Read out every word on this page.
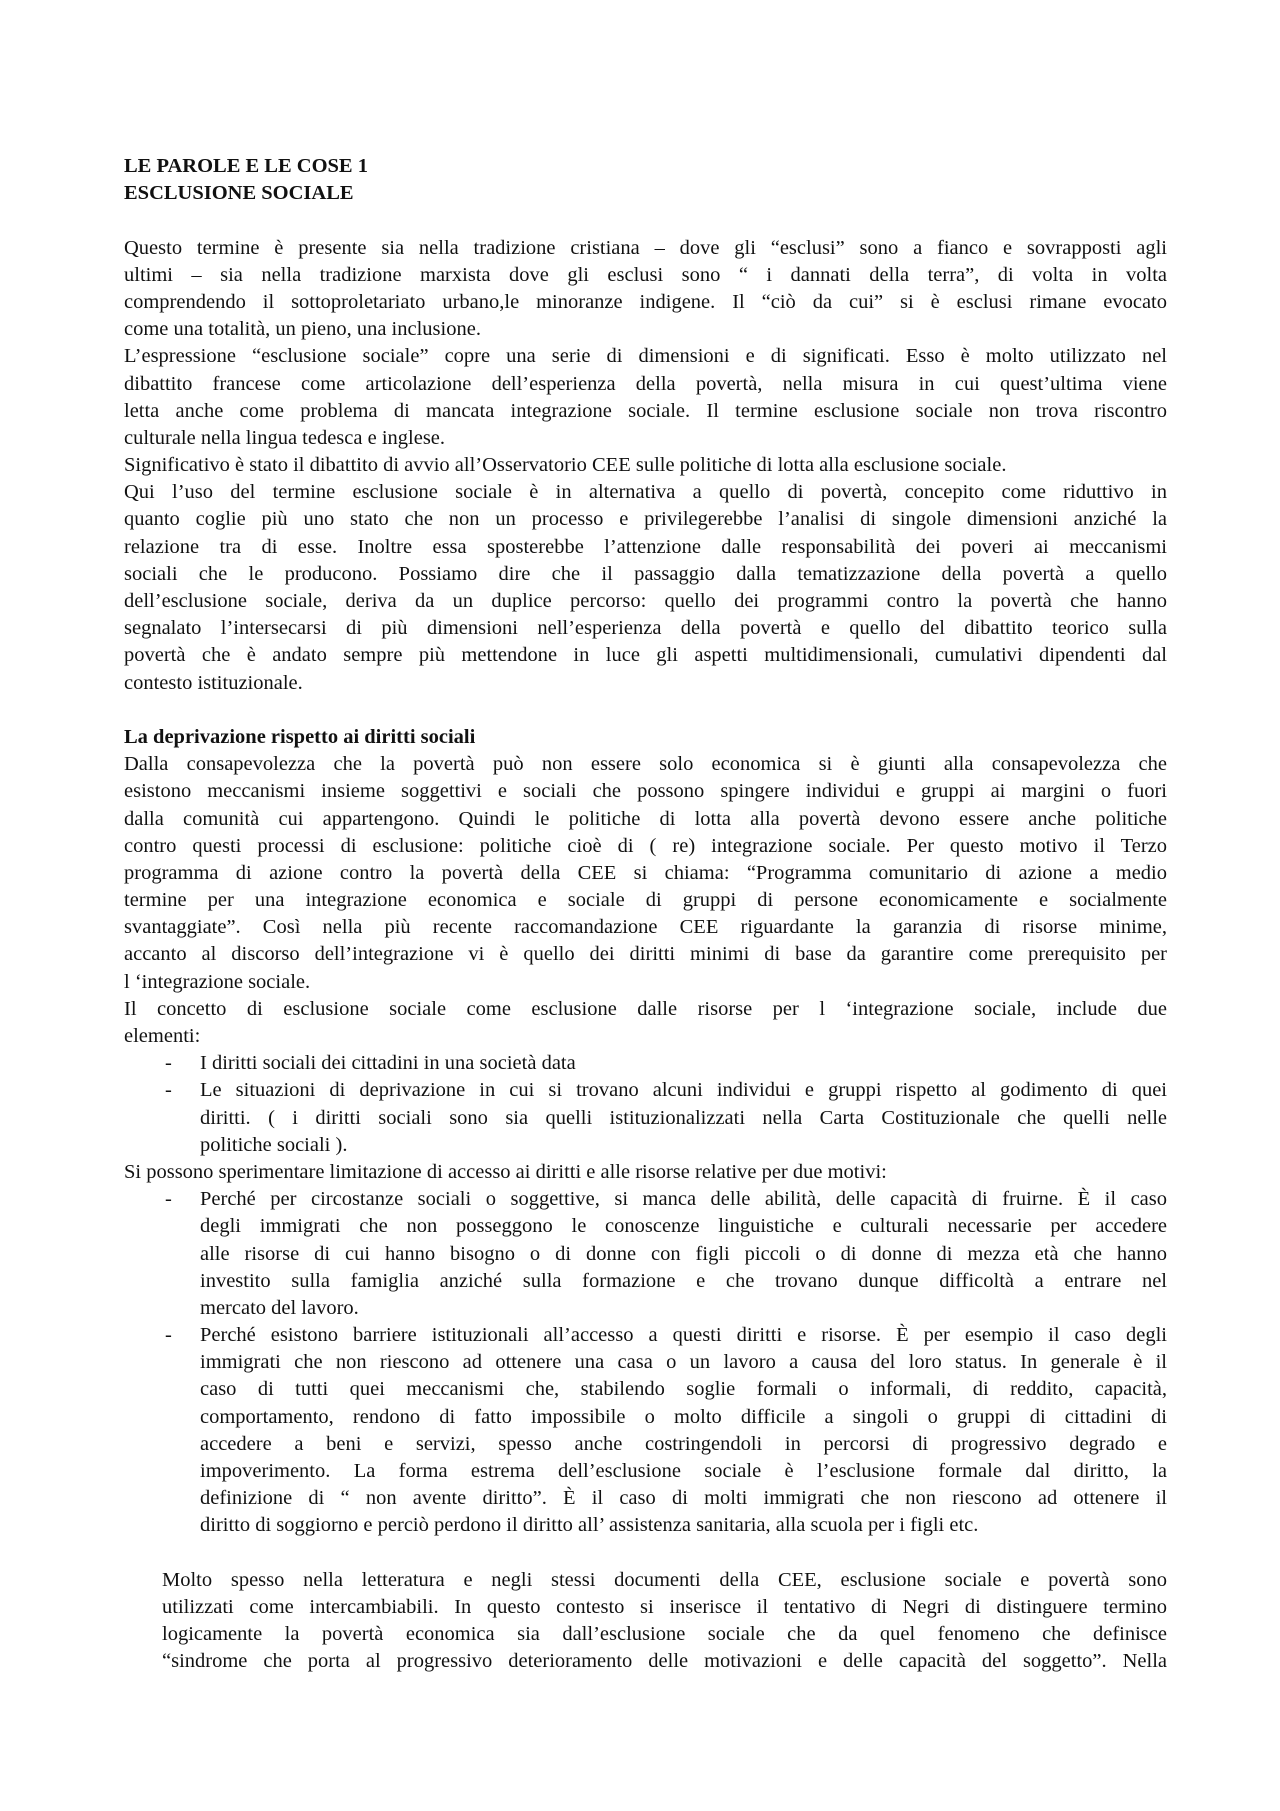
LE PAROLE E LE COSE 1
ESCLUSIONE SOCIALE
Questo termine è presente sia nella tradizione cristiana – dove gli “esclusi” sono a fianco e sovrapposti agli
ultimi – sia nella tradizione marxista dove gli esclusi sono “ i dannati della terra”, di volta in volta
comprendendo il sottoproletariato urbano,le minoranze indigene. Il “ciò da cui” si è esclusi rimane evocato
come una totalità, un pieno, una inclusione.
L’espressione “esclusione sociale” copre una serie di dimensioni e di significati. Esso è molto utilizzato nel
dibattito francese come articolazione dell’esperienza della povertà, nella misura in cui quest’ultima viene
letta anche come problema di mancata integrazione sociale. Il termine esclusione sociale non trova riscontro
culturale nella lingua tedesca e inglese.
Significativo è stato il dibattito di avvio all’Osservatorio CEE sulle politiche di lotta alla esclusione sociale.
Qui l’uso del termine esclusione sociale è in alternativa a quello di povertà, concepito come riduttivo in
quanto coglie più uno stato che non un processo e privilegerebbe l’analisi di singole dimensioni anziché la
relazione tra di esse. Inoltre essa sposterebbe l’attenzione dalle responsabilità dei poveri ai meccanismi
sociali che le producono. Possiamo dire che il passaggio dalla tematizzazione della povertà a quello
dell’esclusione sociale, deriva da un duplice percorso: quello dei programmi contro la povertà che hanno
segnalato l’intersecarsi di più dimensioni nell’esperienza della povertà e quello del dibattito teorico sulla
povertà che è andato sempre più mettendone in luce gli aspetti multidimensionali, cumulativi dipendenti dal
contesto istituzionale.
La deprivazione rispetto ai diritti sociali
Dalla consapevolezza che la povertà può non essere solo economica si è giunti alla consapevolezza che
esistono meccanismi insieme soggettivi e sociali che possono spingere individui e gruppi ai margini o fuori
dalla comunità cui appartengono. Quindi le politiche di lotta alla povertà devono essere anche politiche
contro questi processi di esclusione: politiche cioè di ( re) integrazione sociale. Per questo motivo il Terzo
programma di azione contro la povertà della CEE si chiama: “Programma comunitario di azione a medio
termine per una integrazione economica e sociale di gruppi di persone economicamente e socialmente
svantaggiate”. Così nella più recente raccomandazione CEE riguardante la garanzia di risorse minime,
accanto al discorso dell’integrazione vi è quello dei diritti minimi di base da garantire come prerequisito per
l ‘integrazione sociale.
Il concetto di esclusione sociale come esclusione dalle risorse per l ‘integrazione sociale, include due
elementi:
- I diritti sociali dei cittadini in una società data
- Le situazioni di deprivazione in cui si trovano alcuni individui e gruppi rispetto al godimento di quei
diritti. ( i diritti sociali sono sia quelli istituzionalizzati nella Carta Costituzionale che quelli nelle
politiche sociali ).
Si possono sperimentare limitazione di accesso ai diritti e alle risorse relative per due motivi:
- Perché per circostanze sociali o soggettive, si manca delle abilità, delle capacità di fruirne. È il caso
degli immigrati che non posseggono le conoscenze linguistiche e culturali necessarie per accedere
alle risorse di cui hanno bisogno o di donne con figli piccoli o di donne di mezza età che hanno
investito sulla famiglia anziché sulla formazione e che trovano dunque difficoltà a entrare nel
mercato del lavoro.
- Perché esistono barriere istituzionali all’accesso a questi diritti e risorse. È per esempio il caso degli
immigrati che non riescono ad ottenere una casa o un lavoro a causa del loro status. In generale è il
caso di tutti quei meccanismi che, stabilendo soglie formali o informali, di reddito, capacità,
comportamento, rendono di fatto impossibile o molto difficile a singoli o gruppi di cittadini di
accedere a beni e servizi, spesso anche costringendoli in percorsi di progressivo degrado e
impoverimento. La forma estrema dell’esclusione sociale è l’esclusione formale dal diritto, la
definizione di “ non avente diritto”. È il caso di molti immigrati che non riescono ad ottenere il
diritto di soggiorno e perciò perdono il diritto all’ assistenza sanitaria, alla scuola per i figli etc.
Molto spesso nella letteratura e negli stessi documenti della CEE, esclusione sociale e povertà sono
utilizzati come intercambiabili. In questo contesto si inserisce il tentativo di Negri di distinguere termino
logicamente la povertà economica sia dall’esclusione sociale che da quel fenomeno che definisce
“sindrome che porta al progressivo deterioramento delle motivazioni e delle capacità del soggetto”. Nella
